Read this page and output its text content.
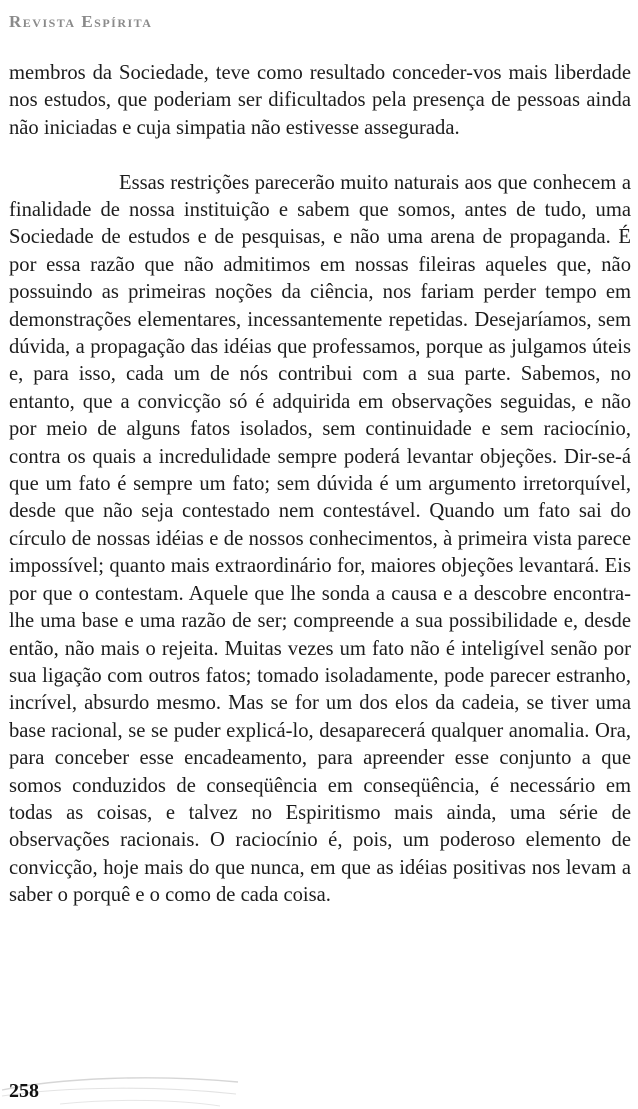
Revista Espírita

membros da Sociedade, teve como resultado conceder-vos mais liberdade nos estudos, que poderiam ser dificultados pela presença de pessoas ainda não iniciadas e cuja simpatia não estivesse assegurada.

Essas restrições parecerão muito naturais aos que conhecem a finalidade de nossa instituição e sabem que somos, antes de tudo, uma Sociedade de estudos e de pesquisas, e não uma arena de propaganda. É por essa razão que não admitimos em nossas fileiras aqueles que, não possuindo as primeiras noções da ciência, nos fariam perder tempo em demonstrações elementares, incessantemente repetidas. Desejaríamos, sem dúvida, a propagação das idéias que professamos, porque as julgamos úteis e, para isso, cada um de nós contribui com a sua parte. Sabemos, no entanto, que a convicção só é adquirida em observações seguidas, e não por meio de alguns fatos isolados, sem continuidade e sem raciocínio, contra os quais a incredulidade sempre poderá levantar objeções. Dir-se-á que um fato é sempre um fato; sem dúvida é um argumento irretorquível, desde que não seja contestado nem contestável. Quando um fato sai do círculo de nossas idéias e de nossos conhecimentos, à primeira vista parece impossível; quanto mais extraordinário for, maiores objeções levantará. Eis por que o contestam. Aquele que lhe sonda a causa e a descobre encontra-lhe uma base e uma razão de ser; compreende a sua possibilidade e, desde então, não mais o rejeita. Muitas vezes um fato não é inteligível senão por sua ligação com outros fatos; tomado isoladamente, pode parecer estranho, incrível, absurdo mesmo. Mas se for um dos elos da cadeia, se tiver uma base racional, se se puder explicá-lo, desaparecerá qualquer anomalia. Ora, para conceber esse encadeamento, para apreender esse conjunto a que somos conduzidos de conseqüência em conseqüência, é necessário em todas as coisas, e talvez no Espiritismo mais ainda, uma série de observações racionais. O raciocínio é, pois, um poderoso elemento de convicção, hoje mais do que nunca, em que as idéias positivas nos levam a saber o porquê e o como de cada coisa.

258
